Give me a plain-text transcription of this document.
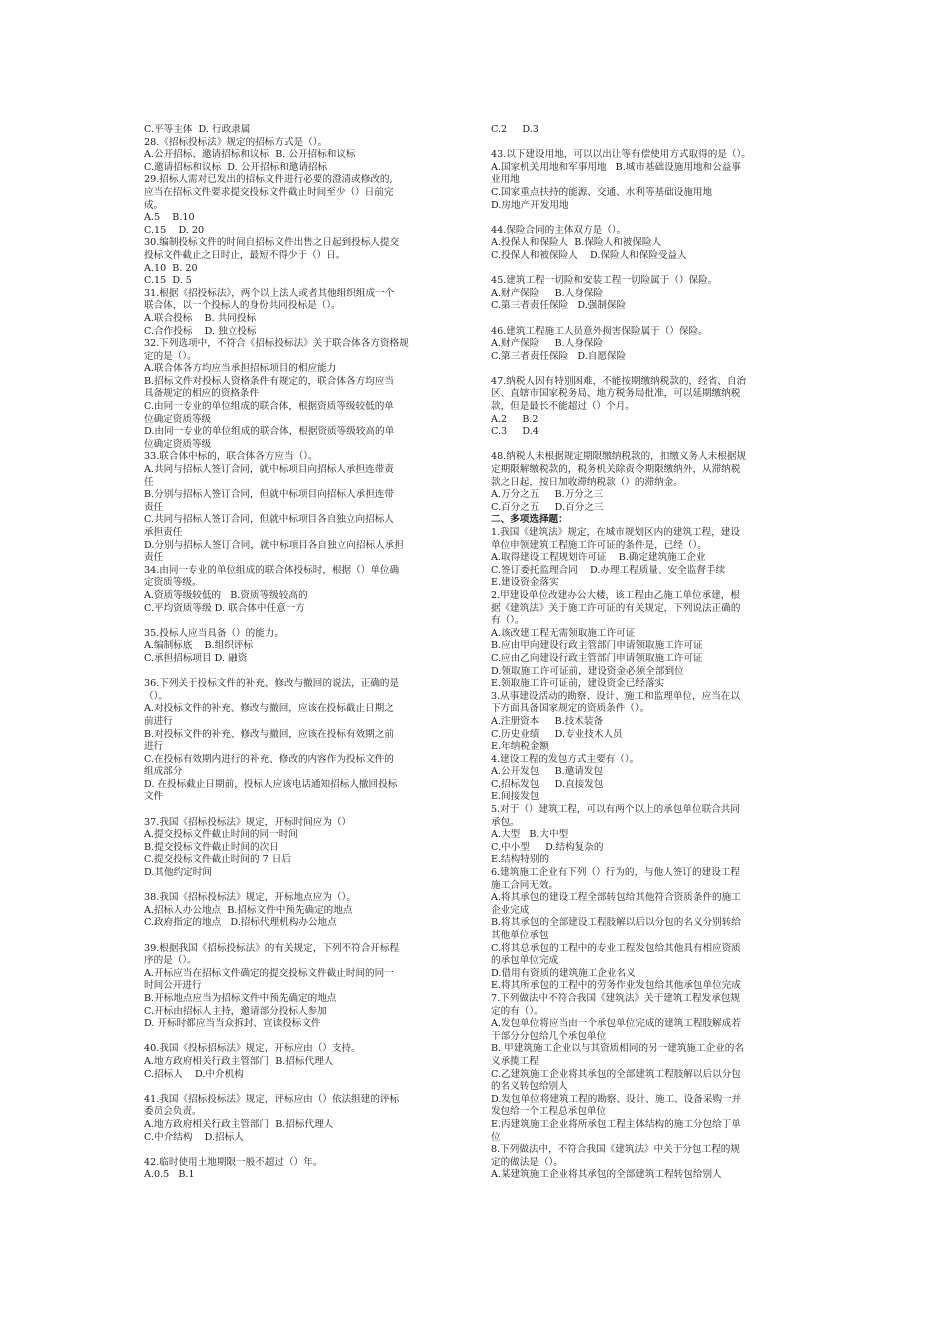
C.平等主体  D. 行政隶属
28.《招标投标法》规定的招标方式是（）。
A.公开招标、邀请招标和议标  B. 公开招标和议标
C.邀请招标和议标  D. 公开招标和邀请招标
29.招标人需对已发出的招标文件进行必要的澄清或修改的,
应当在招标文件要求提交投标文件截止时间至少（）日前完
成。
A.5    B.10
C.15    D. 20
30.编制投标文件的时间自招标文件出售之日起到投标人提交
投标文件截止之日时止，最短不得少于（）日。
A.10  B. 20
C.15  D. 5
31.根据《招投标法》，两个以上法人或者其他组织组成一个
联合体，以一个投标人的身份共同投标是（）。
A.联合投标    B. 共同投标
C.合作投标    D. 独立投标
32.下列选项中，不符合《招标投标法》关于联合体各方资格规
定的是（）。
A.联合体各方均应当承担招标项目的相应能力
B.招标文件对投标人资格条件有规定的，联合体各方均应当
具备规定的相应的资格条件
C.由同一专业的单位组成的联合体，根据资质等级较低的单
位确定资质等级
D.由同一专业的单位组成的联合体，根据资质等级较高的单
位确定资质等级
33.联合体中标的，联合体各方应当（）。
A.共同与招标人签订合同，就中标项目向招标人承担连带责
任
B.分别与招标人签订合同，但就中标项目向招标人承担连带
责任
C.共同与招标人签订合同，但就中标项目各自独立向招标人
承担责任
D.分别与招标人签订合同，就中标项目各自独立向招标人承担
责任
34.由同一专业的单位组成的联合体投标时，根据（）单位确
定资质等级。
A.资质等级较低的   B.资质等级较高的
C.平均资质等级 D. 联合体中任意一方
35.投标人应当具备（）的能力。
A.编制标底    B.组织评标
C.承担招标项目 D. 融资
36.下列关于投标文件的补充、修改与撤回的说法，正确的是
（）。
A.对投标文件的补充、修改与撤回，应该在投标截止日期之
前进行
B.对投标文件的补充、修改与撤回，应该在投标有效期之前
进行
C.在投标有效期内进行的补充、修改的内容作为投标文件的
组成部分
D. 在投标截止日期前，投标人应该电话通知招标人撤回投标
文件
37.我国《招标投标法》规定，开标时间应为（）
A.提交投标文件截止时间的同一时间
B.提交投标文件截止时间的次日
C.提交投标文件截止时间的 7 日后
D.其他约定时间
38.我国《招标投标法》规定，开标地点应为（）。
A.招标人办公地点  B.招标文件中预先确定的地点
C.政府指定的地点   D.招标代理机构办公地点
39.根据我国《招标投标法》的有关规定，下列不符合开标程
序的是（）。
A.开标应当在招标文件确定的提交投标文件截止时间的同一
时间公开进行
B.开标地点应当为招标文件中预先确定的地点
C.开标由招标人主持，邀请部分投标人参加
D. 开标时都应当当众拆封、宣读投标文件
40.我国《投标招标法》规定，开标应由（）支持。
A.地方政府相关行政主管部门  B.招标代理人
C.招标人    D.中介机构
41.我国《招标投标法》规定，评标应由（）依法组建的评标
委员会负责。
A.地方政府相关行政主管部门  B.招标代理人
C.中介结构    D.招标人
42.临时使用土地期限一般不超过（）年。
A.0.5   B.1
C.2     D.3
43.以下建设用地，可以以出让等有偿使用方式取得的是（）。
A.国家机关用地和军事用地   B.城市基础设施用地和公益事
业用地
C.国家重点扶持的能源、交通、水利等基础设施用地
D.房地产开发用地
44.保险合同的主体双方是（）。
A.投保人和保险人  B.保险人和被保险人
C.投保人和被保险人    D.保险人和保险受益人
45.建筑工程一切险和安装工程一切险属于（）保险。
A.财产保险     B.人身保险
C.第三者责任保险   D.强制保险
46.建筑工程施工人员意外损害保险属于（）保险。
A.财产保险     B.人身保险
C.第三者责任保险   D.自愿保险
47.纳税人因有特别困难，不能按期缴纳税款的，经省、自治
区、直辖市国家税务局、地方税务局批准，可以延期缴纳税
款，但是最长不能超过（）个月。
A.2     B.2
C.3     D.4
48.纳税人未根据规定期限缴纳税款的，扣缴义务人未根据规
定期限解缴税款的，税务机关除责令期限缴纳外，从滞纳税
款之日起，按日加收滞纳税款（）的滞纳金。
A.万分之五     B.万分之三
C.百分之五     D.百分之三
二、多项选择题：
1.我国《建筑法》规定，在城市规划区内的建筑工程，建设
单位申领建筑工程施工许可证的条件是，已经（）。
A.取得建设工程规划许可证    B.确定建筑施工企业
C.签订委托监理合同    D.办理工程质量、安全监督手续
E.建设资金落实
2.甲建设单位改建办公大楼，该工程由乙施工单位承建，根
据《建筑法》关于施工许可证的有关规定，下列说法正确的
有（）。
A.该改建工程无需领取施工许可证
B.应由甲向建设行政主管部门申请领取施工许可证
C.应由乙向建设行政主管部门申请领取施工许可证
D.领取施工许可证前，建设资金必须全部到位
E.领取施工许可证前，建设资金已经落实
3.从事建设活动的勘察、设计、施工和监理单位，应当在以
下方面具备国家规定的资质条件（）。
A.注册资本     B.技术装备
C.历史业绩     D.专业技术人员
E.年纳税金额
4.建设工程的发包方式主要有（）。
A.公开发包     B.邀请发包
C.招标发包     D.直接发包
E.间接发包
5.对于（）建筑工程，可以有两个以上的承包单位联合共同
承包。
A.大型   B.大中型
C.中小型     D.结构复杂的
E.结构特别的
6.建筑施工企业有下列（）行为的，与他人签订的建设工程
施工合同无效。
A.将其承包的建设工程全部转包给其他符合资质条件的施工
企业完成
B.将其承包的全部建设工程肢解以后以分包的名义分别转给
其他单位承包
C.将其总承包的工程中的专业工程发包给其他具有相应资质
的承包单位完成
D.借用有资质的建筑施工企业名义
E.将其所承包的工程中的劳务作业发包给其他承包单位完成
7.下列做法中不符合我国《建筑法》关于建筑工程发承包规
定的有（）。
A.发包单位将应当由一个承包单位完成的建筑工程肢解成若
干部分分包给几个承包单位
B. 甲建筑施工企业以与其资质相同的另一建筑施工企业的名
义承揽工程
C.乙建筑施工企业将其承包的全部建筑工程肢解以后以分包
的名义转包给别人
D.发包单位将建筑工程的勘察、设计、施工、设备采购一并
发包给一个工程总承包单位
E.丙建筑施工企业将所承包工程主体结构的施工分包给丁单
位
8.下列做法中，不符合我国《建筑法》中关于分包工程的规
定的做法是（）。
A.某建筑施工企业将其承包的全部建筑工程转包给别人
